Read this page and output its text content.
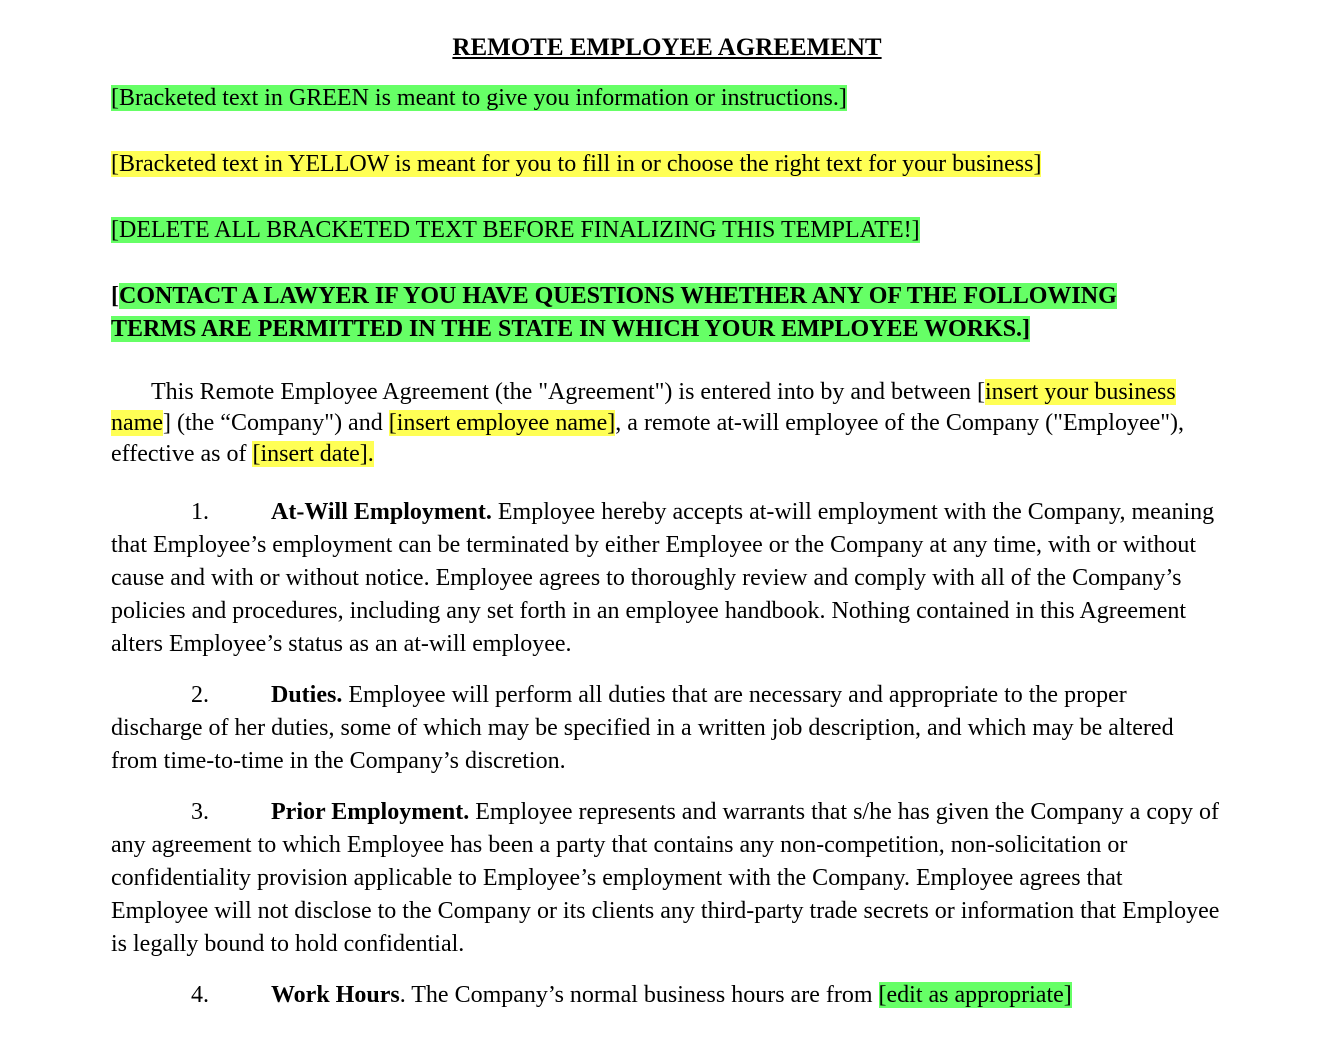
REMOTE EMPLOYEE AGREEMENT

[Bracketed text in GREEN is meant to give you information or instructions.]

[Bracketed text in YELLOW is meant for you to fill in or choose the right text for your business]

[DELETE ALL BRACKETED TEXT BEFORE FINALIZING THIS TEMPLATE!]

[CONTACT A LAWYER IF YOU HAVE QUESTIONS WHETHER ANY OF THE FOLLOWING TERMS ARE PERMITTED IN THE STATE IN WHICH YOUR EMPLOYEE WORKS.]

This Remote Employee Agreement (the "Agreement") is entered into by and between [insert your business name] (the “Company") and [insert employee name], a remote at-will employee of the Company ("Employee"), effective as of [insert date].

1.	At-Will Employment. Employee hereby accepts at-will employment with the Company, meaning that Employee’s employment can be terminated by either Employee or the Company at any time, with or without cause and with or without notice. Employee agrees to thoroughly review and comply with all of the Company’s policies and procedures, including any set forth in an employee handbook. Nothing contained in this Agreement alters Employee’s status as an at-will employee.

2.	Duties. Employee will perform all duties that are necessary and appropriate to the proper discharge of her duties, some of which may be specified in a written job description, and which may be altered from time-to-time in the Company’s discretion.

3.	Prior Employment. Employee represents and warrants that s/he has given the Company a copy of any agreement to which Employee has been a party that contains any non-competition, non-solicitation or confidentiality provision applicable to Employee’s employment with the Company. Employee agrees that Employee will not disclose to the Company or its clients any third-party trade secrets or information that Employee is legally bound to hold confidential.

4.	Work Hours. The Company’s normal business hours are from [edit as appropriate]
